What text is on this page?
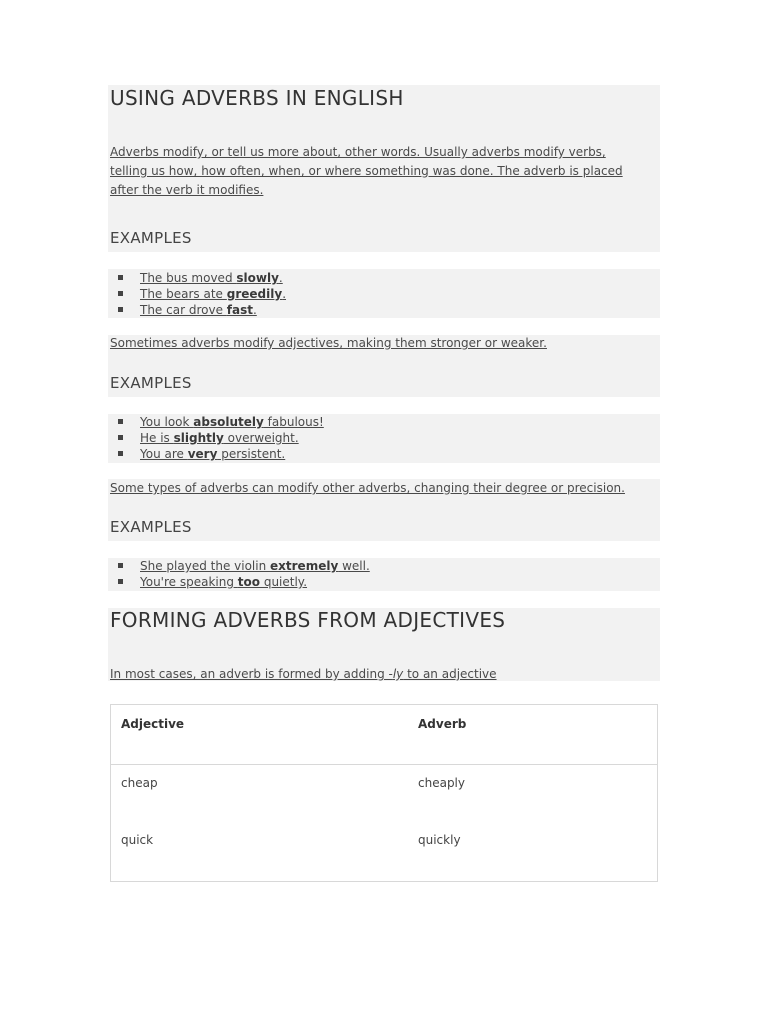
USING ADVERBS IN ENGLISH

Adverbs modify, or tell us more about, other words. Usually adverbs modify verbs, telling us how, how often, when, or where something was done. The adverb is placed after the verb it modifies.

EXAMPLES
The bus moved slowly.
The bears ate greedily.
The car drove fast.

Sometimes adverbs modify adjectives, making them stronger or weaker.

EXAMPLES
You look absolutely fabulous!
He is slightly overweight.
You are very persistent.

Some types of adverbs can modify other adverbs, changing their degree or precision.

EXAMPLES
She played the violin extremely well.
You're speaking too quietly.
FORMING ADVERBS FROM ADJECTIVES

In most cases, an adverb is formed by adding -ly to an adjective

Adjective	Adverb
cheap	cheaply
quick	quickly
